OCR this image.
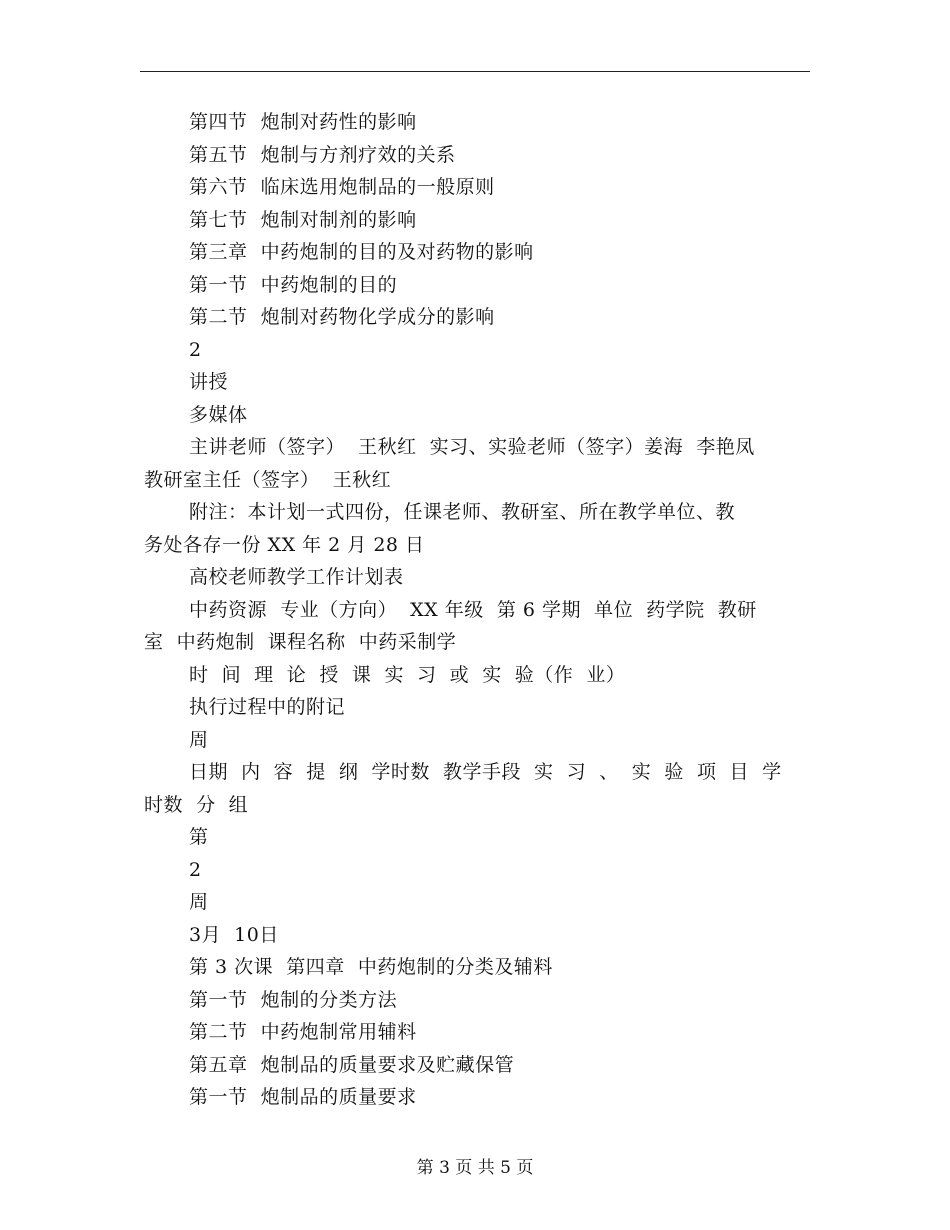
第四节  炮制对药性的影响
第五节  炮制与方剂疗效的关系
第六节  临床选用炮制品的一般原则
第七节  炮制对制剂的影响
第三章  中药炮制的目的及对药物的影响
第一节  中药炮制的目的
第二节  炮制对药物化学成分的影响
2
讲授
多媒体
主讲老师（签字）  王秋红  实习、实验老师（签字）姜海  李艳凤
教研室主任（签字）  王秋红
附注：本计划一式四份，任课老师、教研室、所在教学单位、教
务处各存一份 XX 年 2 月 28 日
高校老师教学工作计划表
中药资源  专业（方向）  XX 年级  第 6 学期  单位  药学院  教研
室  中药炮制  课程名称  中药采制学
时  间  理  论  授  课  实  习  或  实  验（作  业）
执行过程中的附记
周
日期  内  容  提  纲  学时数  教学手段  实  习  、  实  验  项  目  学
时数  分  组
第
2
周
3月  10日
第 3 次课  第四章  中药炮制的分类及辅料
第一节  炮制的分类方法
第二节  中药炮制常用辅料
第五章  炮制品的质量要求及贮藏保管
第一节  炮制品的质量要求
第 3 页 共 5 页
